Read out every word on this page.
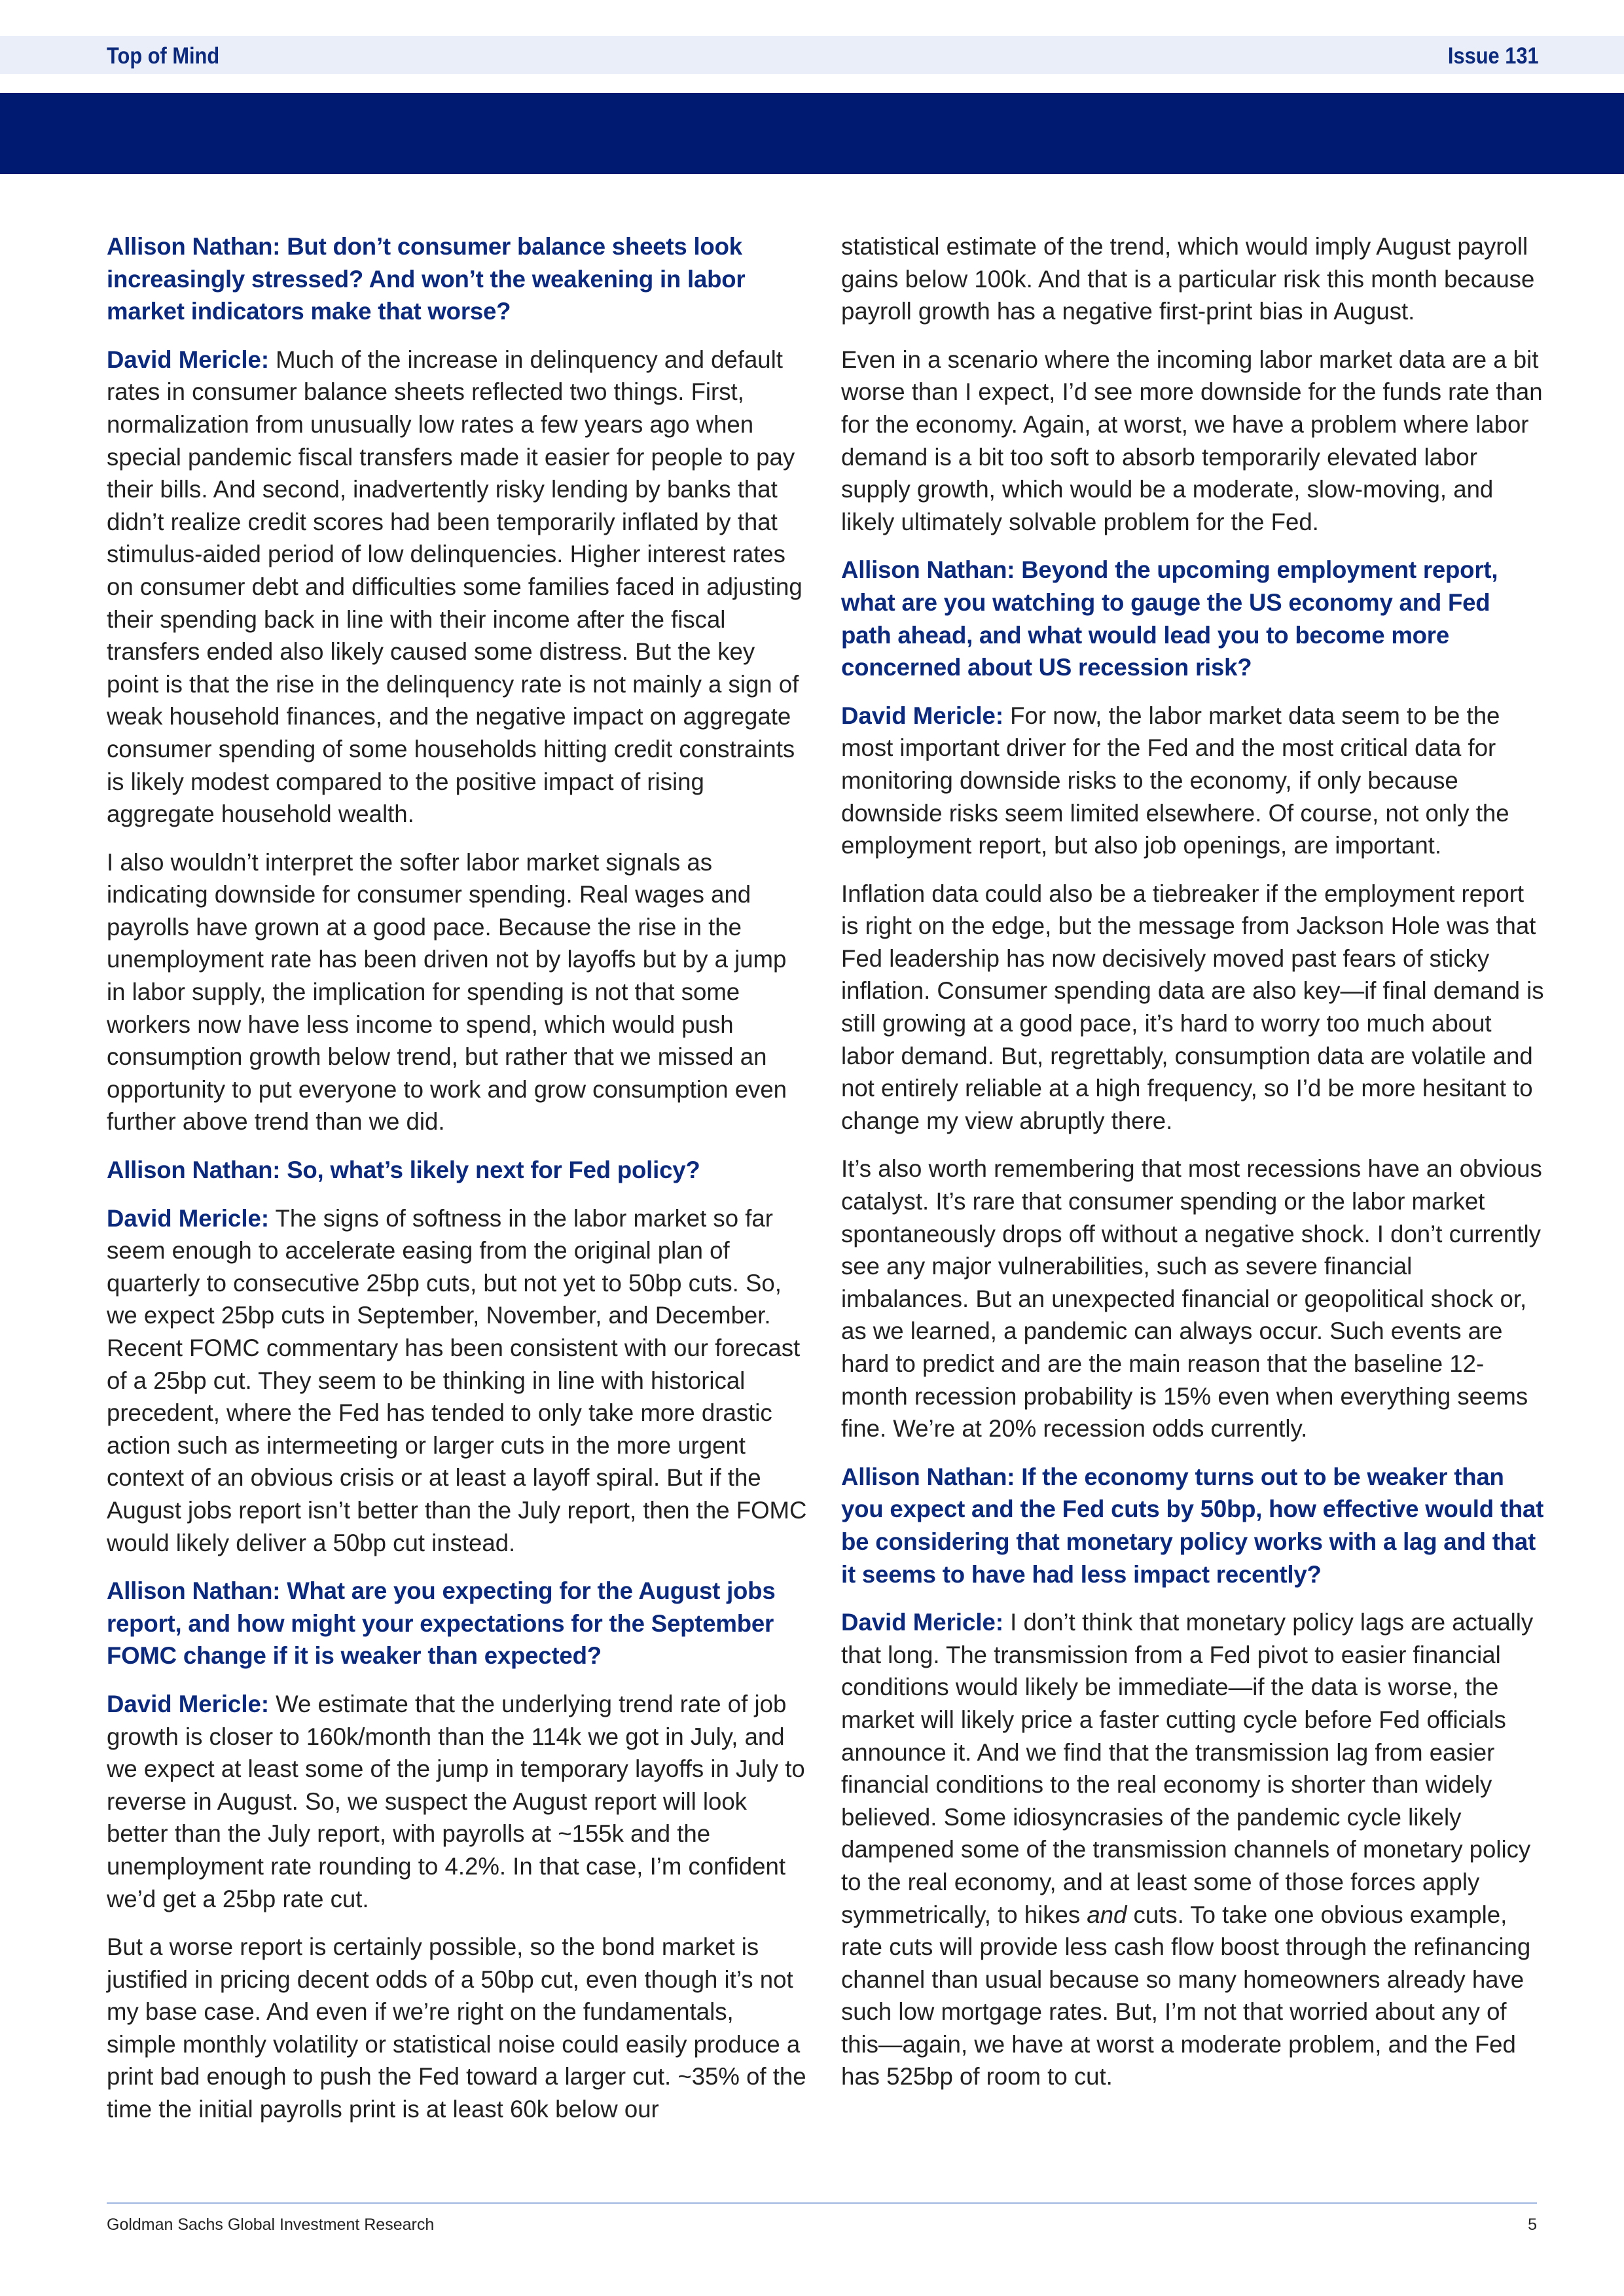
Top of Mind	Issue 131

Allison Nathan: But don’t consumer balance sheets look increasingly stressed? And won’t the weakening in labor market indicators make that worse?

David Mericle: Much of the increase in delinquency and default rates in consumer balance sheets reflected two things. First, normalization from unusually low rates a few years ago when special pandemic fiscal transfers made it easier for people to pay their bills. And second, inadvertently risky lending by banks that didn’t realize credit scores had been temporarily inflated by that stimulus-aided period of low delinquencies. Higher interest rates on consumer debt and difficulties some families faced in adjusting their spending back in line with their income after the fiscal transfers ended also likely caused some distress. But the key point is that the rise in the delinquency rate is not mainly a sign of weak household finances, and the negative impact on aggregate consumer spending of some households hitting credit constraints is likely modest compared to the positive impact of rising aggregate household wealth.

I also wouldn’t interpret the softer labor market signals as indicating downside for consumer spending. Real wages and payrolls have grown at a good pace. Because the rise in the unemployment rate has been driven not by layoffs but by a jump in labor supply, the implication for spending is not that some workers now have less income to spend, which would push consumption growth below trend, but rather that we missed an opportunity to put everyone to work and grow consumption even further above trend than we did.

Allison Nathan: So, what’s likely next for Fed policy?

David Mericle: The signs of softness in the labor market so far seem enough to accelerate easing from the original plan of quarterly to consecutive 25bp cuts, but not yet to 50bp cuts. So, we expect 25bp cuts in September, November, and December. Recent FOMC commentary has been consistent with our forecast of a 25bp cut. They seem to be thinking in line with historical precedent, where the Fed has tended to only take more drastic action such as intermeeting or larger cuts in the more urgent context of an obvious crisis or at least a layoff spiral. But if the August jobs report isn’t better than the July report, then the FOMC would likely deliver a 50bp cut instead.

Allison Nathan: What are you expecting for the August jobs report, and how might your expectations for the September FOMC change if it is weaker than expected?

David Mericle: We estimate that the underlying trend rate of job growth is closer to 160k/month than the 114k we got in July, and we expect at least some of the jump in temporary layoffs in July to reverse in August. So, we suspect the August report will look better than the July report, with payrolls at ~155k and the unemployment rate rounding to 4.2%. In that case, I’m confident we’d get a 25bp rate cut.

But a worse report is certainly possible, so the bond market is justified in pricing decent odds of a 50bp cut, even though it’s not my base case. And even if we’re right on the fundamentals, simple monthly volatility or statistical noise could easily produce a print bad enough to push the Fed toward a larger cut. ~35% of the time the initial payrolls print is at least 60k below our

statistical estimate of the trend, which would imply August payroll gains below 100k. And that is a particular risk this month because payroll growth has a negative first-print bias in August.

Even in a scenario where the incoming labor market data are a bit worse than I expect, I’d see more downside for the funds rate than for the economy. Again, at worst, we have a problem where labor demand is a bit too soft to absorb temporarily elevated labor supply growth, which would be a moderate, slow-moving, and likely ultimately solvable problem for the Fed.

Allison Nathan: Beyond the upcoming employment report, what are you watching to gauge the US economy and Fed path ahead, and what would lead you to become more concerned about US recession risk?

David Mericle: For now, the labor market data seem to be the most important driver for the Fed and the most critical data for monitoring downside risks to the economy, if only because downside risks seem limited elsewhere. Of course, not only the employment report, but also job openings, are important.

Inflation data could also be a tiebreaker if the employment report is right on the edge, but the message from Jackson Hole was that Fed leadership has now decisively moved past fears of sticky inflation. Consumer spending data are also key—if final demand is still growing at a good pace, it’s hard to worry too much about labor demand. But, regrettably, consumption data are volatile and not entirely reliable at a high frequency, so I’d be more hesitant to change my view abruptly there.

It’s also worth remembering that most recessions have an obvious catalyst. It’s rare that consumer spending or the labor market spontaneously drops off without a negative shock. I don’t currently see any major vulnerabilities, such as severe financial imbalances. But an unexpected financial or geopolitical shock or, as we learned, a pandemic can always occur. Such events are hard to predict and are the main reason that the baseline 12-month recession probability is 15% even when everything seems fine. We’re at 20% recession odds currently.

Allison Nathan: If the economy turns out to be weaker than you expect and the Fed cuts by 50bp, how effective would that be considering that monetary policy works with a lag and that it seems to have had less impact recently?

David Mericle: I don’t think that monetary policy lags are actually that long. The transmission from a Fed pivot to easier financial conditions would likely be immediate—if the data is worse, the market will likely price a faster cutting cycle before Fed officials announce it. And we find that the transmission lag from easier financial conditions to the real economy is shorter than widely believed. Some idiosyncrasies of the pandemic cycle likely dampened some of the transmission channels of monetary policy to the real economy, and at least some of those forces apply symmetrically, to hikes and cuts. To take one obvious example, rate cuts will provide less cash flow boost through the refinancing channel than usual because so many homeowners already have such low mortgage rates. But, I’m not that worried about any of this—again, we have at worst a moderate problem, and the Fed has 525bp of room to cut.

Goldman Sachs Global Investment Research	5
